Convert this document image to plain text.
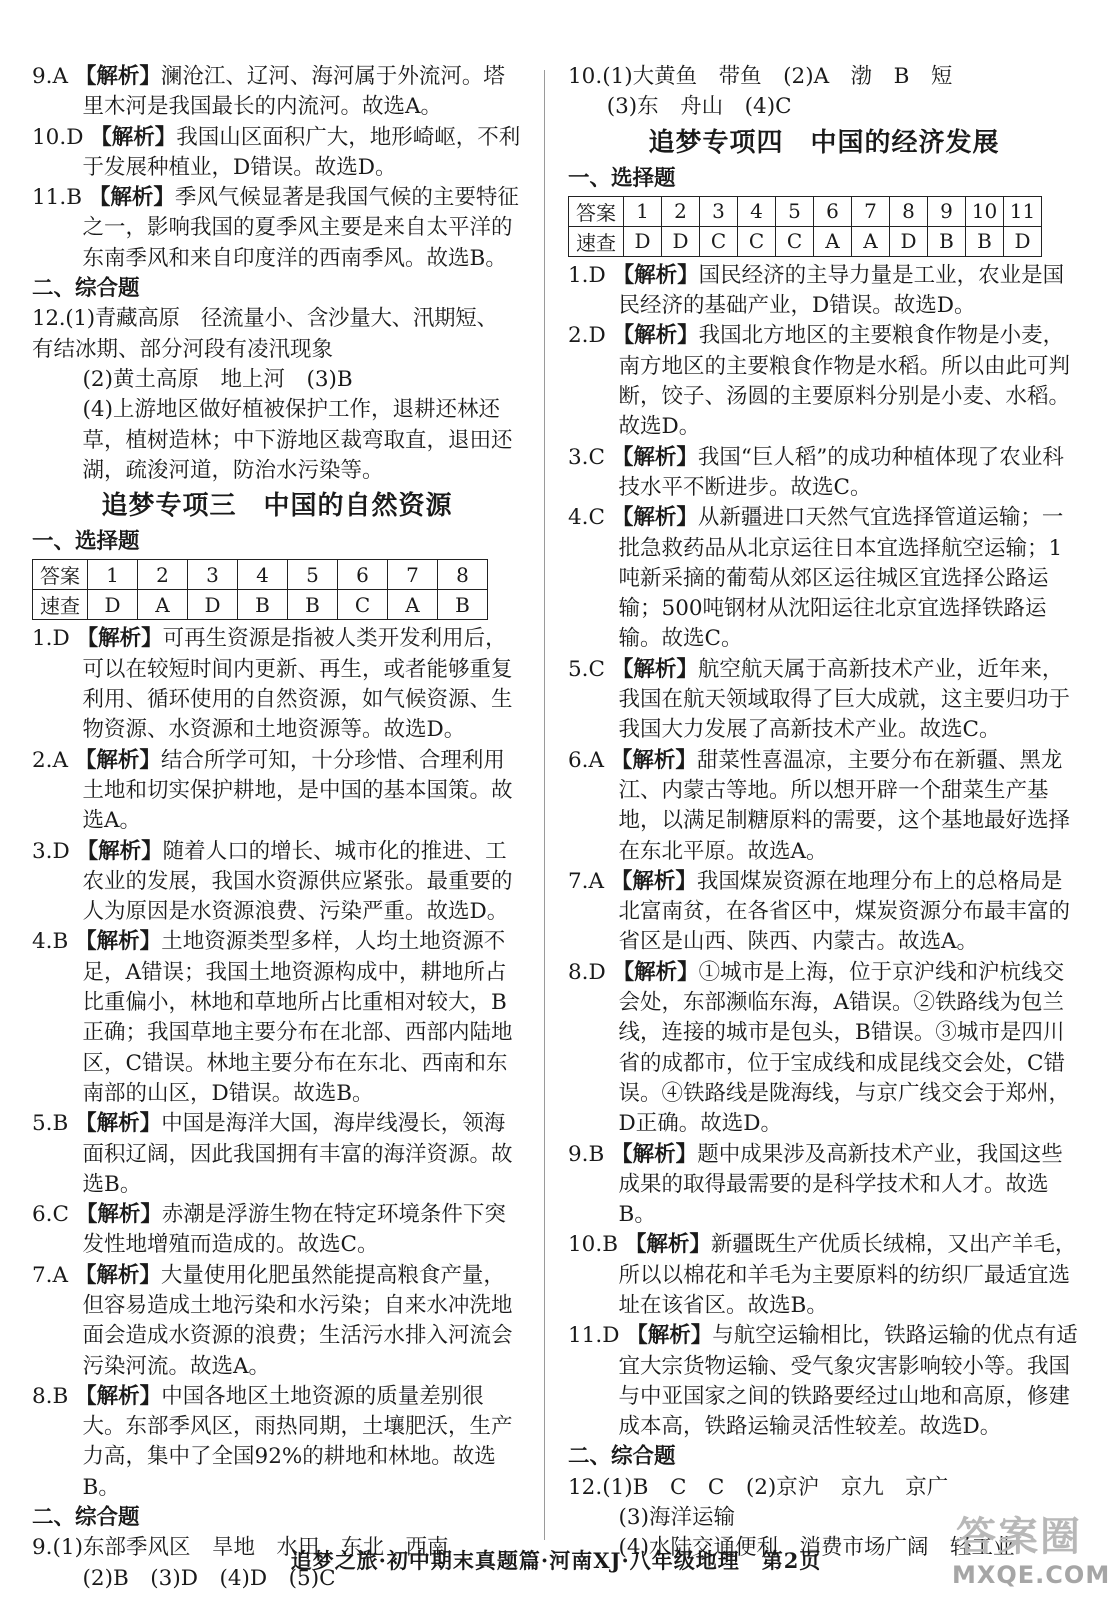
9.A 【解析】澜沧江、辽河、海河属于外流河。塔里木河是我国最长的内流河。故选A。

10.D 【解析】我国山区面积广大，地形崎岖，不利于发展种植业，D错误。故选D。

11.B 【解析】季风气候显著是我国气候的主要特征之一，影响我国的夏季风主要是来自太平洋的东南季风和来自印度洋的西南季风。故选B。

二、综合题

12.(1)青藏高原　径流量小、含沙量大、汛期短、

有结冰期、部分河段有凌汛现象

(2)黄土高原　地上河　(3)B

(4)上游地区做好植被保护工作，退耕还林还草，植树造林；中下游地区裁弯取直，退田还湖，疏浚河道，防治水污染等。

追梦专项三　中国的自然资源

一、选择题

答案	1	2	3	4	5	6	7	8
速查	D	A	D	B	B	C	A	B

1.D 【解析】可再生资源是指被人类开发利用后，可以在较短时间内更新、再生，或者能够重复利用、循环使用的自然资源，如气候资源、生物资源、水资源和土地资源等。故选D。

2.A 【解析】结合所学可知，十分珍惜、合理利用土地和切实保护耕地，是中国的基本国策。故选A。

3.D 【解析】随着人口的增长、城市化的推进、工农业的发展，我国水资源供应紧张。最重要的人为原因是水资源浪费、污染严重。故选D。

4.B 【解析】土地资源类型多样，人均土地资源不足，A错误；我国土地资源构成中，耕地所占比重偏小，林地和草地所占比重相对较大，B正确；我国草地主要分布在北部、西部内陆地区，C错误。林地主要分布在东北、西南和东南部的山区，D错误。故选B。

5.B 【解析】中国是海洋大国，海岸线漫长，领海面积辽阔，因此我国拥有丰富的海洋资源。故选B。

6.C 【解析】赤潮是浮游生物在特定环境条件下突发性地增殖而造成的。故选C。

7.A 【解析】大量使用化肥虽然能提高粮食产量，但容易造成土地污染和水污染；自来水冲洗地面会造成水资源的浪费；生活污水排入河流会污染河流。故选A。

8.B 【解析】中国各地区土地资源的质量差别很大。东部季风区，雨热同期，土壤肥沃，生产力高，集中了全国92%的耕地和林地。故选B。

二、综合题

9.(1)东部季风区　旱地　水田　东北　西南

(2)B　(3)D　(4)D　(5)C

10.(1)大黄鱼　带鱼　(2)A　渤　B　短

(3)东　舟山　(4)C

追梦专项四　中国的经济发展

一、选择题

答案	1	2	3	4	5	6	7	8	9	10	11
速查	D	D	C	C	C	A	A	D	B	B	D

1.D 【解析】国民经济的主导力量是工业，农业是国民经济的基础产业，D错误。故选D。

2.D 【解析】我国北方地区的主要粮食作物是小麦，南方地区的主要粮食作物是水稻。所以由此可判断，饺子、汤圆的主要原料分别是小麦、水稻。故选D。

3.C 【解析】我国“巨人稻”的成功种植体现了农业科技水平不断进步。故选C。

4.C 【解析】从新疆进口天然气宜选择管道运输；一批急救药品从北京运往日本宜选择航空运输；1吨新采摘的葡萄从郊区运往城区宜选择公路运输；500吨钢材从沈阳运往北京宜选择铁路运输。故选C。

5.C 【解析】航空航天属于高新技术产业，近年来，我国在航天领域取得了巨大成就，这主要归功于我国大力发展了高新技术产业。故选C。

6.A 【解析】甜菜性喜温凉，主要分布在新疆、黑龙江、内蒙古等地。所以想开辟一个甜菜生产基地，以满足制糖原料的需要，这个基地最好选择在东北平原。故选A。

7.A 【解析】我国煤炭资源在地理分布上的总格局是北富南贫，在各省区中，煤炭资源分布最丰富的省区是山西、陕西、内蒙古。故选A。

8.D 【解析】①城市是上海，位于京沪线和沪杭线交会处，东部濒临东海，A错误。②铁路线为包兰线，连接的城市是包头，B错误。③城市是四川省的成都市，位于宝成线和成昆线交会处，C错误。④铁路线是陇海线，与京广线交会于郑州，D正确。故选D。

9.B 【解析】题中成果涉及高新技术产业，我国这些成果的取得最需要的是科学技术和人才。故选B。

10.B 【解析】新疆既生产优质长绒棉，又出产羊毛，所以以棉花和羊毛为主要原料的纺织厂最适宜选址在该省区。故选B。

11.D 【解析】与航空运输相比，铁路运输的优点有适宜大宗货物运输、受气象灾害影响较小等。我国与中亚国家之间的铁路要经过山地和高原，修建成本高，铁路运输灵活性较差。故选D。

二、综合题

12.(1)B　C　C　(2)京沪　京九　京广

(3)海洋运输

(4)水陆交通便利　消费市场广阔　轻工业

追梦之旅·初中期末真题篇·河南XJ·八年级地理　第2页
答案圈
MXQE.COM
